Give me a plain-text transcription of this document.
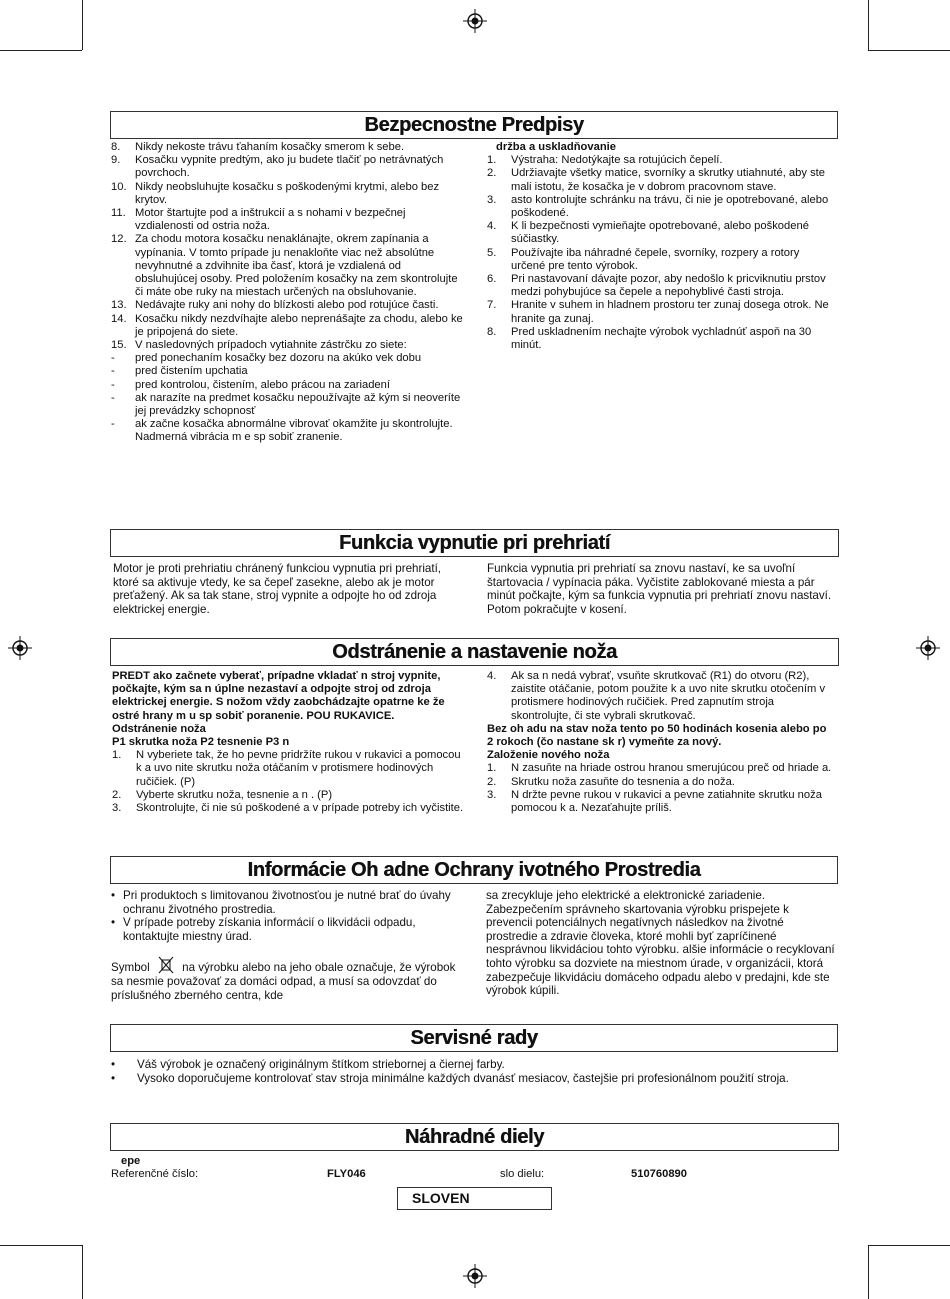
Bezpecnostne Predpisy
8.	Nikdy nekoste trávu ťahaním kosačky smerom k sebe.
9.	Kosačku vypnite predtým, ako ju budete tlačiť po netrávnatých povrchoch.
10. Nikdy neobsluhujte kosačku s poškodenými krytmi, alebo bez krytov.
11. Motor štartujte pod a inštrukcií a s nohami v bezpečnej vzdialenosti od ostria noža.
12. Za chodu motora kosačku nenaklánajte, okrem zapínania a vypínania. V tomto prípade ju nenakloňte viac než absolútne nevyhnutné a zdvihnite iba časť, ktorá je vzdialená od obsluhujúcej osoby. Pred položením kosačky na zem skontrolujte či máte obe ruky na miestach určených na obsluhovanie.
13. Nedávajte ruky ani nohy do blízkosti alebo pod rotujúce časti.
14. Kosačku nikdy nezdvíhajte alebo neprenášajte za chodu, alebo ke je pripojená do siete.
15. V nasledovných prípadoch vytiahnite zástrčku zo siete:
-	pred ponechaním kosačky bez dozoru na akúko vek dobu
-	pred čistením upchatia
-	pred kontrolou, čistením, alebo prácou na zariadení
-	ak narazíte na predmet kosačku nepoužívajte až kým si neoveríte jej prevádzky schopnosť
-	ak začne kosačka abnormálne vibrovať okamžite ju skontrolujte. Nadmerná vibrácia m e sp sobiť zranenie.

držba a uskladňovanie

1.	Výstraha: Nedotýkajte sa rotujúcich čepelí.
2.	Udržiavajte všetky matice, svorníky a skrutky utiahnuté, aby ste mali istotu, že kosačka je v dobrom pracovnom stave.
3.	asto kontrolujte schránku na trávu, či nie je opotrebované, alebo poškodené.
4.	K li bezpečnosti vymieňajte opotrebované, alebo poškodené súčiastky.
5.	Používajte iba náhradné čepele, svorníky, rozpery a rotory určené pre tento výrobok.
6.	Pri nastavovaní dávajte pozor, aby nedošlo k pricviknutiu prstov medzi pohybujúce sa čepele a nepohyblivé časti stroja.
7.	Hranite v suhem in hladnem prostoru ter zunaj dosega otrok. Ne hranite ga zunaj.
8.	Pred uskladnením nechajte výrobok vychladnúť aspoň na 30 minút.
Funkcia vypnutie pri prehriatí
Motor je proti prehriatiu chránený funkciou vypnutia pri prehriatí, ktoré sa aktivuje vtedy, ke sa čepeľ zasekne, alebo ak je motor preťažený. Ak sa tak stane, stroj vypnite a odpojte ho od zdroja elektrickej energie.
Funkcia vypnutia pri prehriatí sa znovu nastaví, ke sa uvoľní štartovacia / vypínacia páka. Vyčistite zablokované miesta a pár minút počkajte, kým sa funkcia vypnutia pri prehriatí znovu nastaví. Potom pokračujte v kosení.
Odstránenie a nastavenie noža

PREDT ako začnete vyberať, prípadne vkladať n stroj vypnite, počkajte, kým sa n úplne nezastaví a odpojte stroj od zdroja elektrickej energie. S nožom vždy zaobchádzajte opatrne ke že ostré hrany m u sp sobiť poranenie. POU RUKAVICE.

Odstránenie noža

P1 skrutka noža P2 tesnenie P3 n

1.	N vyberiete tak, že ho pevne pridržíte rukou v rukavici a pomocou k a uvo nite skrutku noža otáčaním v protismere hodinových ručičiek. (P)
2.	Vyberte skrutku noža, tesnenie a n . (P)
3.	Skontrolujte, či nie sú poškodené a v prípade potreby ich vyčistite.
4.	Ak sa n nedá vybrať, vsuňte skrutkovač (R1) do otvoru (R2), zaistite otáčanie, potom použite k a uvo nite skrutku otočením v protismere hodinových ručičiek. Pred zapnutím stroja skontrolujte, či ste vybrali skrutkovač.

Bez oh adu na stav noža tento po 50 hodinách kosenia alebo po 2 rokoch (čo nastane sk r) vymeňte za nový.

Založenie nového noža

1.	N zasuňte na hriade ostrou hranou smerujúcou preč od hriade a.
2.	Skrutku noža zasuňte do tesnenia a do noža.
3.	N držte pevne rukou v rukavici a pevne zatiahnite skrutku noža pomocou k a. Nezaťahujte príliš.
Informácie Oh adne Ochrany ivotného Prostredia
• Pri produktoch s limitovanou životnosťou je nutné brať do úvahy ochranu životného prostredia.
• V prípade potreby získania informácií o likvidácii odpadu, kontaktujte miestny úrad.

Symbol	na výrobku alebo na jeho obale označuje, že výrobok sa nesmie považovať za domáci odpad, a musí sa odovzdať do príslušného zberného centra, kde

sa zrecykluje jeho elektrické a elektronické zariadenie. Zabezpečením správneho skartovania výrobku prispejete k prevencii potenciálnych negatívnych následkov na životné prostredie a zdravie človeka, ktoré mohli byť zapríčinené nesprávnou likvidáciou tohto výrobku. alšie informácie o recyklovaní tohto výrobku sa dozviete na miestnom úrade, v organizácii, ktorá zabezpečuje likvidáciu domáceho odpadu alebo v predajni, kde ste výrobok kúpili.
Servisné rady
•	Váš výrobok je označený originálnym štítkom striebornej a čiernej farby.
•	Vysoko doporučujeme kontrolovať stav stroja minimálne každých dvanásť mesiacov, častejšie pri profesionálnom použití stroja.
Náhradné diely
epe
Referenčné číslo:	FLY046	slo dielu:	510760890
SLOVEN
